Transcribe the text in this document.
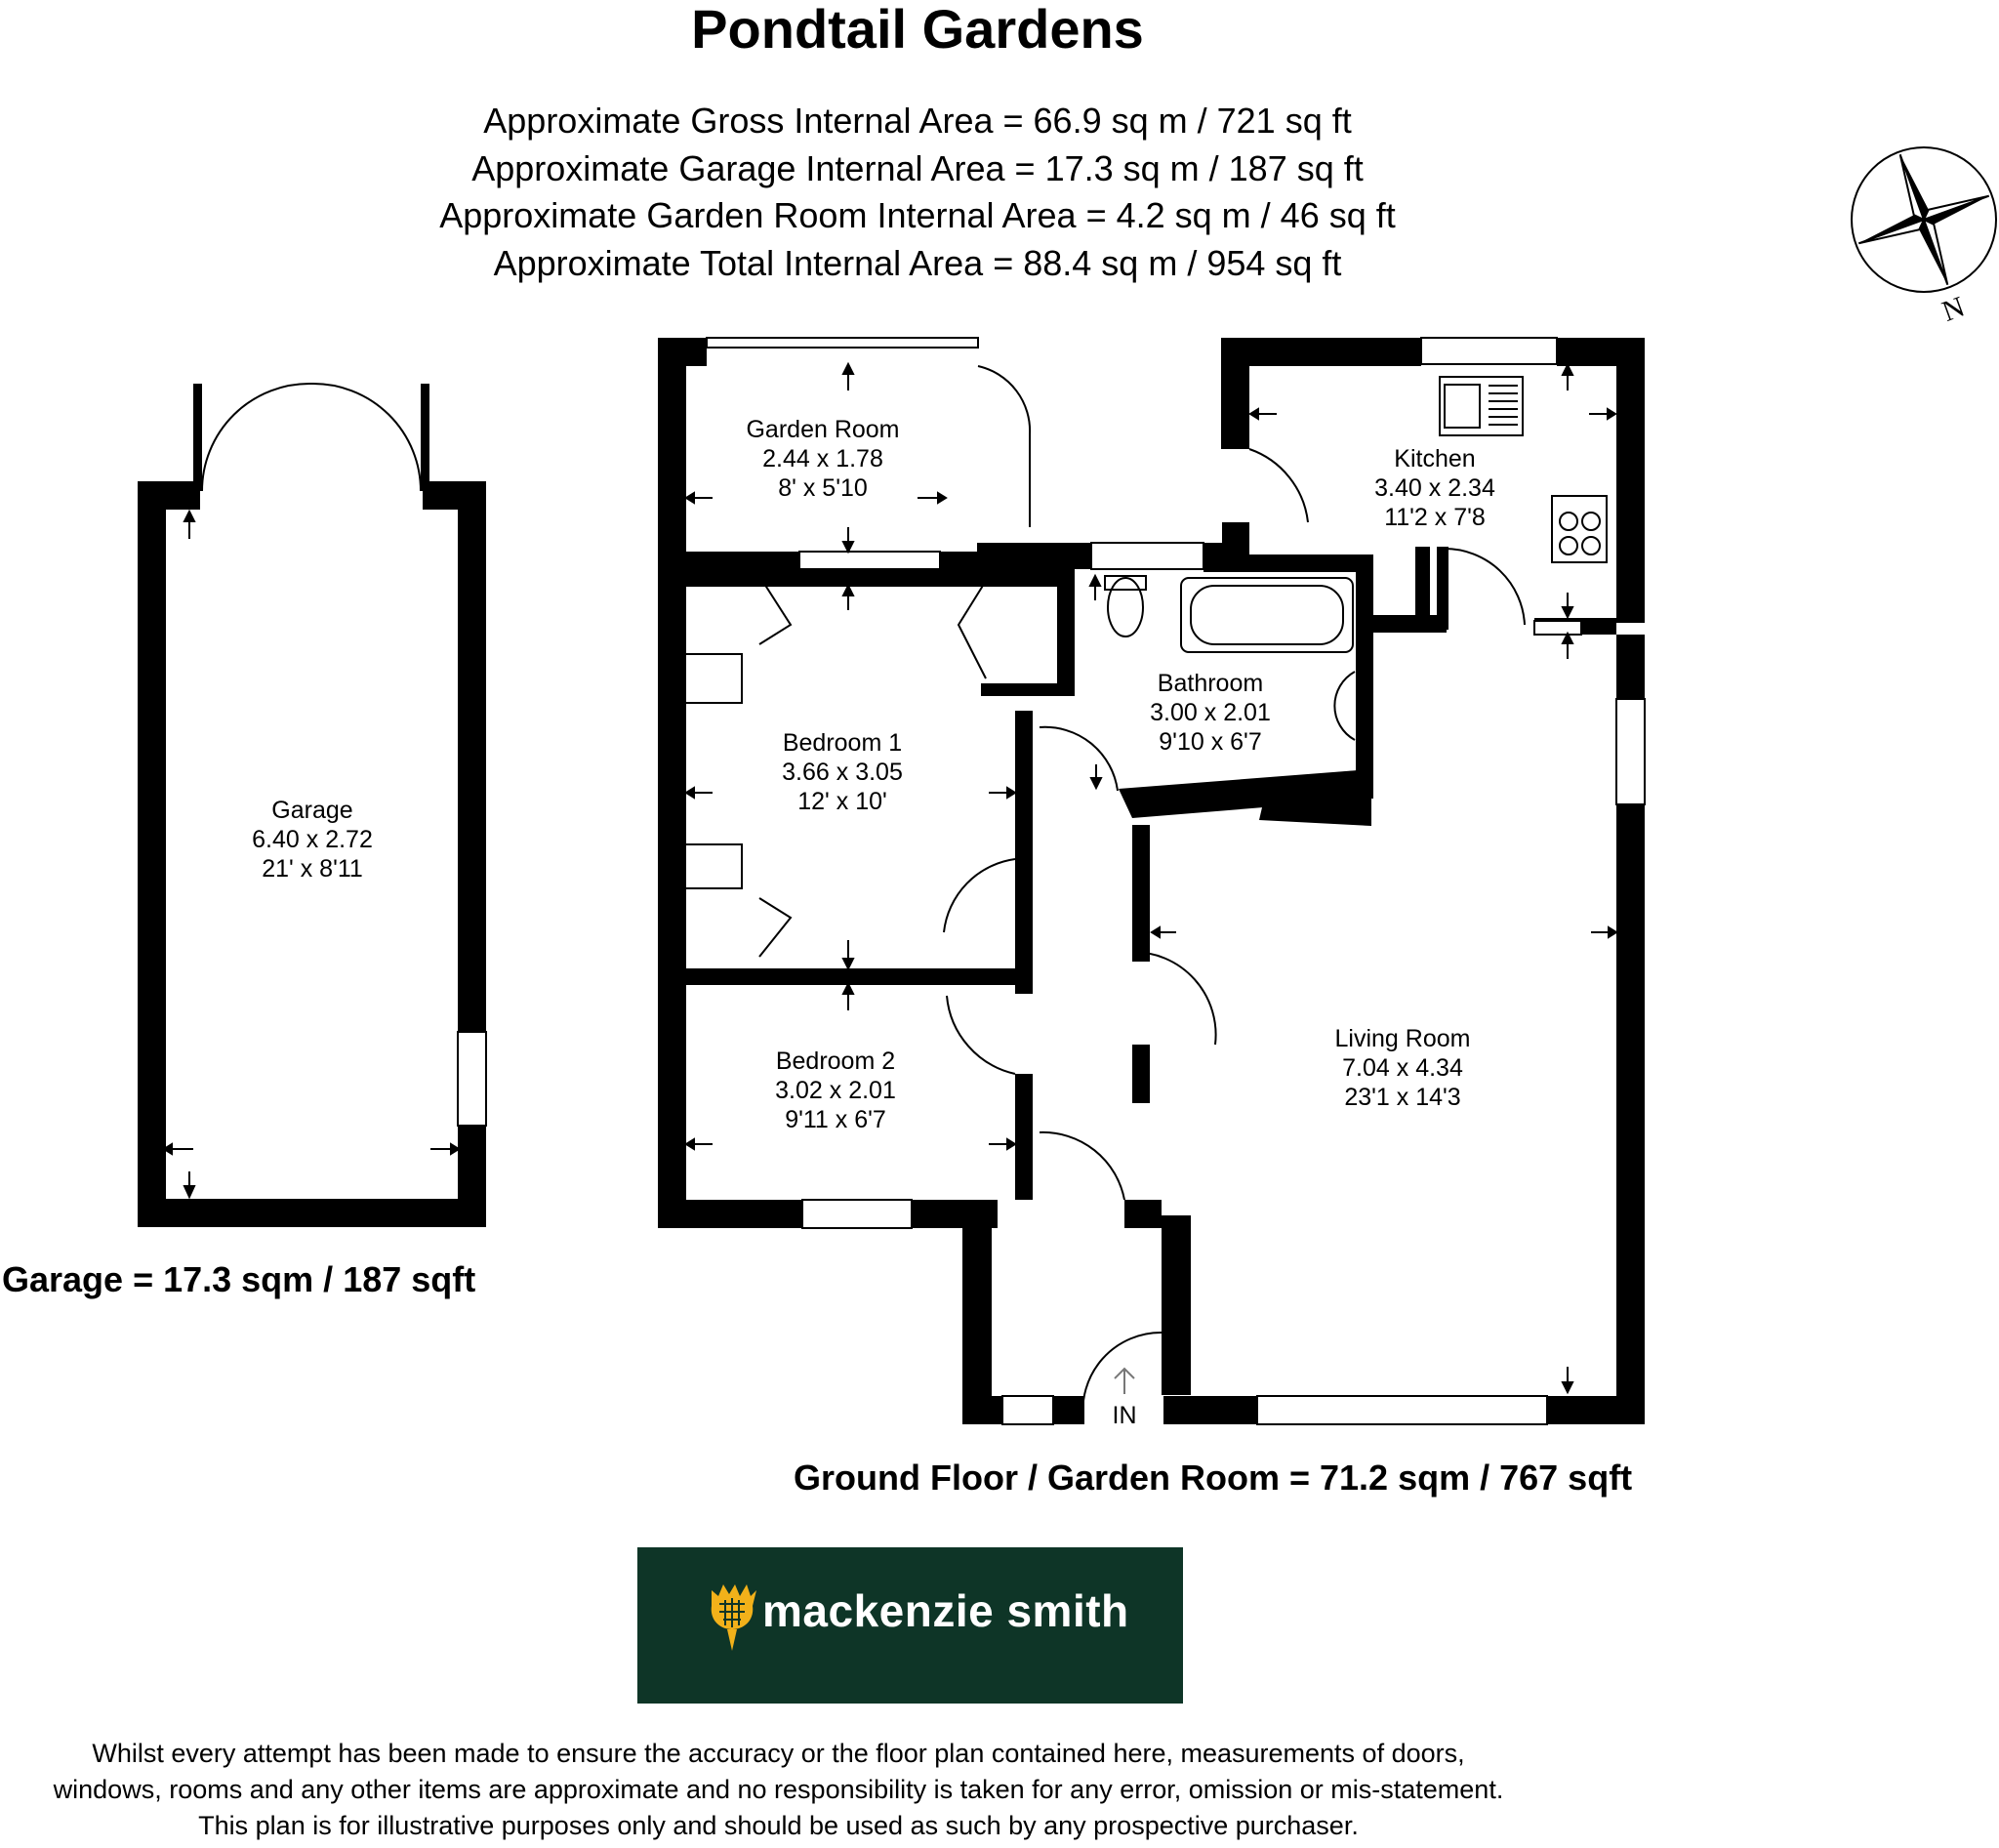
Pondtail Gardens
Approximate Gross Internal Area = 66.9 sq m / 721 sq ft
Approximate Garage Internal Area = 17.3 sq m / 187 sq ft
Approximate Garden Room Internal Area = 4.2 sq m / 46 sq ft
Approximate Total Internal Area = 88.4 sq m / 954 sq ft
N
Garden Room
2.44 x 1.78
8' x 5'10
Kitchen
3.40 x 2.34
11'2 x 7'8
Bedroom 1
3.66 x 3.05
12' x 10'
Bathroom
3.00 x 2.01
9'10 x 6'7
Garage
6.40 x 2.72
21' x 8'11
Living Room
7.04 x 4.34
23'1 x 14'3
Bedroom 2
3.02 x 2.01
9'11 x 6'7
IN
Garage = 17.3 sqm / 187 sqft
Ground Floor / Garden Room = 71.2 sqm / 767 sqft
mackenzie smith
Whilst every attempt has been made to ensure the accuracy or the floor plan contained here, measurements of doors,
windows, rooms and any other items are approximate and no responsibility is taken for any error, omission or mis-statement.
This plan is for illustrative purposes only and should be used as such by any prospective purchaser.
